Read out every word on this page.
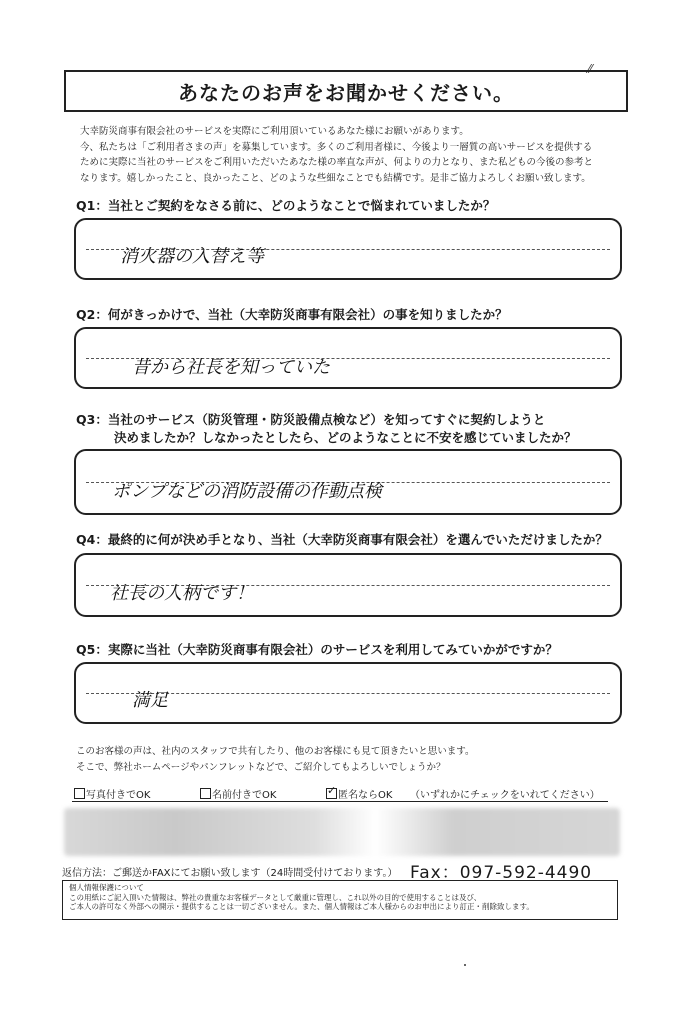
⁄⁄
あなたのお声をお聞かせください。

大幸防災商事有限会社のサービスを実際にご利用頂いているあなた様にお願いがあります。

今、私たちは「ご利用者さまの声」を募集しています。多くのご利用者様に、今後より一層質の高いサービスを提供する

ために実際に当社のサービスをご利用いただいたあなた様の率直な声が、何よりの力となり、また私どもの今後の参考と

なります。嬉しかったこと、良かったこと、どのような些細なことでも結構です。是非ご協力よろしくお願い致します。

Q1：当社とご契約をなさる前に、どのようなことで悩まれていましたか？
消火器の入替え等
Q2：何がきっかけで、当社（大幸防災商事有限会社）の事を知りましたか？
昔から社長を知っていた
Q3：当社のサービス（防災管理・防災設備点検など）を知ってすぐに契約しようと
決めましたか？しなかったとしたら、どのようなことに不安を感じていましたか？
ポンプなどの消防設備の作動点検
Q4：最終的に何が決め手となり、当社（大幸防災商事有限会社）を選んでいただけましたか？
社長の人柄です！
Q5：実際に当社（大幸防災商事有限会社）のサービスを利用してみていかがですか？
満足
このお客様の声は、社内のスタッフで共有したり、他のお客様にも見て頂きたいと思います。
そこで、弊社ホームページやパンフレットなどで、ご紹介してもよろしいでしょうか？
写真付きでOK	名前付きでOK
✓	匿名ならOK （いずれかにチェックをいれてください）
返信方法：ご郵送かFAXにてお願い致します（24時間受付けております。） Fax：097-592-4490

個人情報保護について

この用紙にご記入頂いた情報は、弊社の貴重なお客様データとして厳重に管理し、これ以外の目的で使用することは及び、

ご本人の許可なく外部への開示・提供することは一切ございません。また、個人情報はご本人様からのお申出により訂正・削除致します。
